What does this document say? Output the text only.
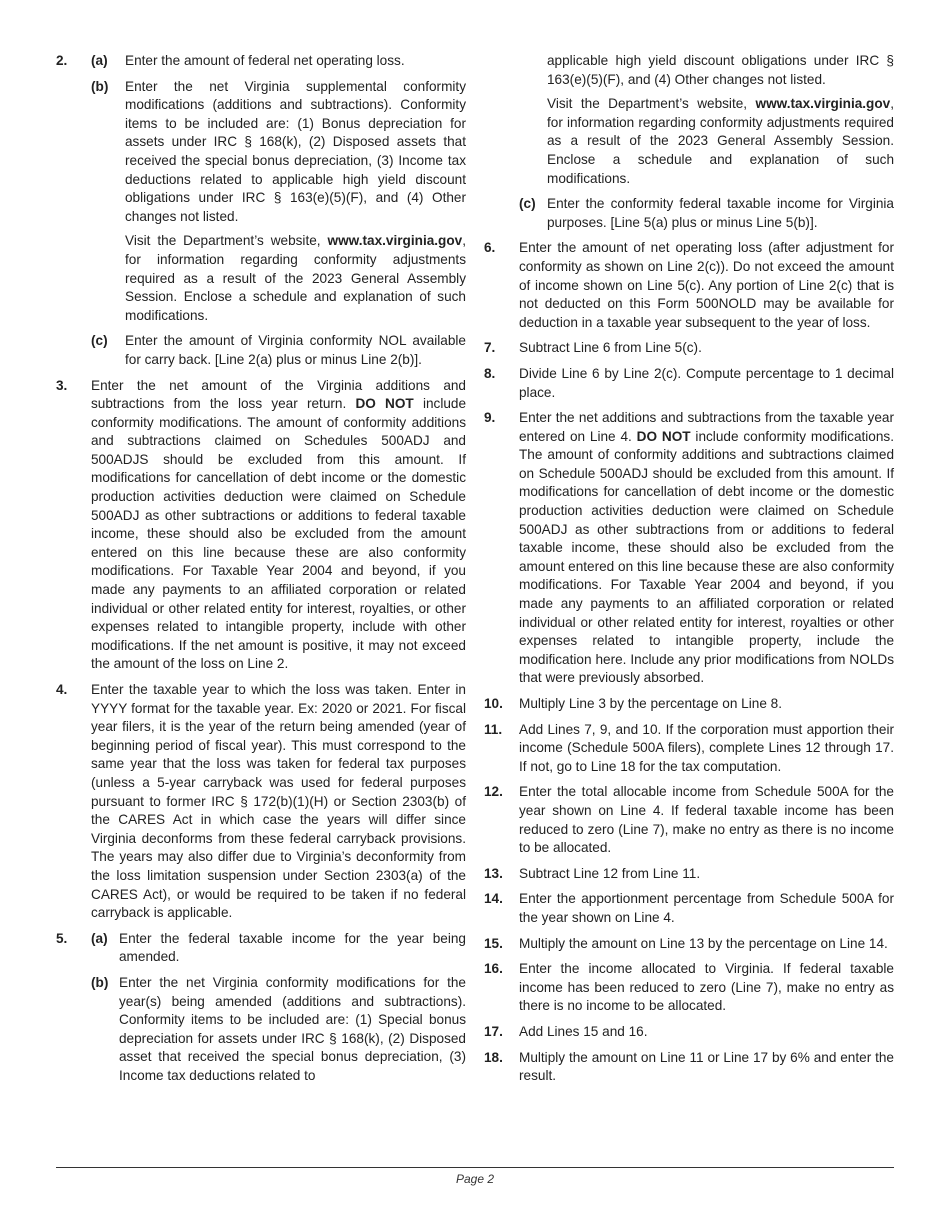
2. (a) Enter the amount of federal net operating loss.
(b) Enter the net Virginia supplemental conformity modifications (additions and subtractions). Conformity items to be included are: (1) Bonus depreciation for assets under IRC § 168(k), (2) Disposed assets that received the special bonus depreciation, (3) Income tax deductions related to applicable high yield discount obligations under IRC § 163(e)(5)(F), and (4) Other changes not listed.
Visit the Department’s website, www.tax.virginia.gov, for information regarding conformity adjustments required as a result of the 2023 General Assembly Session. Enclose a schedule and explanation of such modifications.
(c) Enter the amount of Virginia conformity NOL available for carry back. [Line 2(a) plus or minus Line 2(b)].
3. Enter the net amount of the Virginia additions and subtractions from the loss year return. DO NOT include conformity modifications. The amount of conformity additions and subtractions claimed on Schedules 500ADJ and 500ADJS should be excluded from this amount. If modifications for cancellation of debt income or the domestic production activities deduction were claimed on Schedule 500ADJ as other subtractions or additions to federal taxable income, these should also be excluded from the amount entered on this line because these are also conformity modifications. For Taxable Year 2004 and beyond, if you made any payments to an affiliated corporation or related individual or other related entity for interest, royalties, or other expenses related to intangible property, include with other modifications. If the net amount is positive, it may not exceed the amount of the loss on Line 2.
4. Enter the taxable year to which the loss was taken. Enter in YYYY format for the taxable year. Ex: 2020 or 2021. For fiscal year filers, it is the year of the return being amended (year of beginning period of fiscal year). This must correspond to the same year that the loss was taken for federal tax purposes (unless a 5-year carryback was used for federal purposes pursuant to former IRC § 172(b)(1)(H) or Section 2303(b) of the CARES Act in which case the years will differ since Virginia deconforms from these federal carryback provisions. The years may also differ due to Virginia’s deconformity from the loss limitation suspension under Section 2303(a) of the CARES Act), or would be required to be taken if no federal carryback is applicable.
5. (a) Enter the federal taxable income for the year being amended.
(b) Enter the net Virginia conformity modifications for the year(s) being amended (additions and subtractions). Conformity items to be included are: (1) Special bonus depreciation for assets under IRC § 168(k), (2) Disposed asset that received the special bonus depreciation, (3) Income tax deductions related to
applicable high yield discount obligations under IRC § 163(e)(5)(F), and (4) Other changes not listed.
Visit the Department’s website, www.tax.virginia.gov, for information regarding conformity adjustments required as a result of the 2023 General Assembly Session. Enclose a schedule and explanation of such modifications.
(c) Enter the conformity federal taxable income for Virginia purposes. [Line 5(a) plus or minus Line 5(b)].
6. Enter the amount of net operating loss (after adjustment for conformity as shown on Line 2(c)). Do not exceed the amount of income shown on Line 5(c). Any portion of Line 2(c) that is not deducted on this Form 500NOLD may be available for deduction in a taxable year subsequent to the year of loss.
7. Subtract Line 6 from Line 5(c).
8. Divide Line 6 by Line 2(c). Compute percentage to 1 decimal place.
9. Enter the net additions and subtractions from the taxable year entered on Line 4. DO NOT include conformity modifications. The amount of conformity additions and subtractions claimed on Schedule 500ADJ should be excluded from this amount. If modifications for cancellation of debt income or the domestic production activities deduction were claimed on Schedule 500ADJ as other subtractions from or additions to federal taxable income, these should also be excluded from the amount entered on this line because these are also conformity modifications. For Taxable Year 2004 and beyond, if you made any payments to an affiliated corporation or related individual or other related entity for interest, royalties or other expenses related to intangible property, include the modification here. Include any prior modifications from NOLDs that were previously absorbed.
10. Multiply Line 3 by the percentage on Line 8.
11. Add Lines 7, 9, and 10. If the corporation must apportion their income (Schedule 500A filers), complete Lines 12 through 17. If not, go to Line 18 for the tax computation.
12. Enter the total allocable income from Schedule 500A for the year shown on Line 4. If federal taxable income has been reduced to zero (Line 7), make no entry as there is no income to be allocated.
13. Subtract Line 12 from Line 11.
14. Enter the apportionment percentage from Schedule 500A for the year shown on Line 4.
15. Multiply the amount on Line 13 by the percentage on Line 14.
16. Enter the income allocated to Virginia. If federal taxable income has been reduced to zero (Line 7), make no entry as there is no income to be allocated.
17. Add Lines 15 and 16.
18. Multiply the amount on Line 11 or Line 17 by 6% and enter the result.
Page 2
